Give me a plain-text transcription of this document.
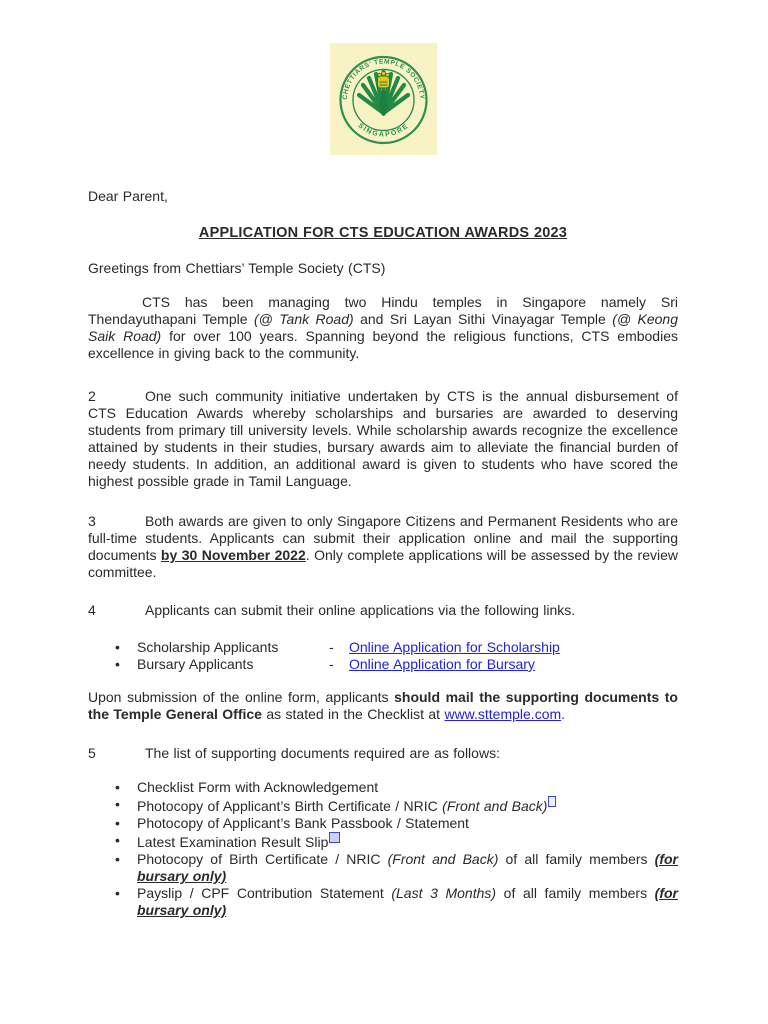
CHETTIARS’ TEMPLE SOCIETY
SINGAPORE

Dear Parent,

APPLICATION FOR CTS EDUCATION AWARDS 2023

Greetings from Chettiars’ Temple Society (CTS)

CTS has been managing two Hindu temples in Singapore namely Sri Thendayuthapani Temple (@ Tank Road) and Sri Layan Sithi Vinayagar Temple (@ Keong Saik Road) for over 100 years. Spanning beyond the religious functions, CTS embodies excellence in giving back to the community.

2	One such community initiative undertaken by CTS is the annual disbursement of CTS Education Awards whereby scholarships and bursaries are awarded to deserving students from primary till university levels. While scholarship awards recognize the excellence attained by students in their studies, bursary awards aim to alleviate the financial burden of needy students. In addition, an additional award is given to students who have scored the highest possible grade in Tamil Language.

3	Both awards are given to only Singapore Citizens and Permanent Residents who are full-time students. Applicants can submit their application online and mail the supporting documents by 30 November 2022. Only complete applications will be assessed by the review committee.

4	Applicants can submit their online applications via the following links.

• Scholarship Applicants	- Online Application for Scholarship
• Bursary Applicants	- Online Application for Bursary

Upon submission of the online form, applicants should mail the supporting documents to the Temple General Office as stated in the Checklist at www.sttemple.com.

5	The list of supporting documents required are as follows:

• Checklist Form with Acknowledgement
• Photocopy of Applicant’s Birth Certificate / NRIC (Front and Back)
• Photocopy of Applicant’s Bank Passbook / Statement
• Latest Examination Result Slip
• Photocopy of Birth Certificate / NRIC (Front and Back) of all family members (for bursary only)
• Payslip / CPF Contribution Statement (Last 3 Months) of all family members (for bursary only)
